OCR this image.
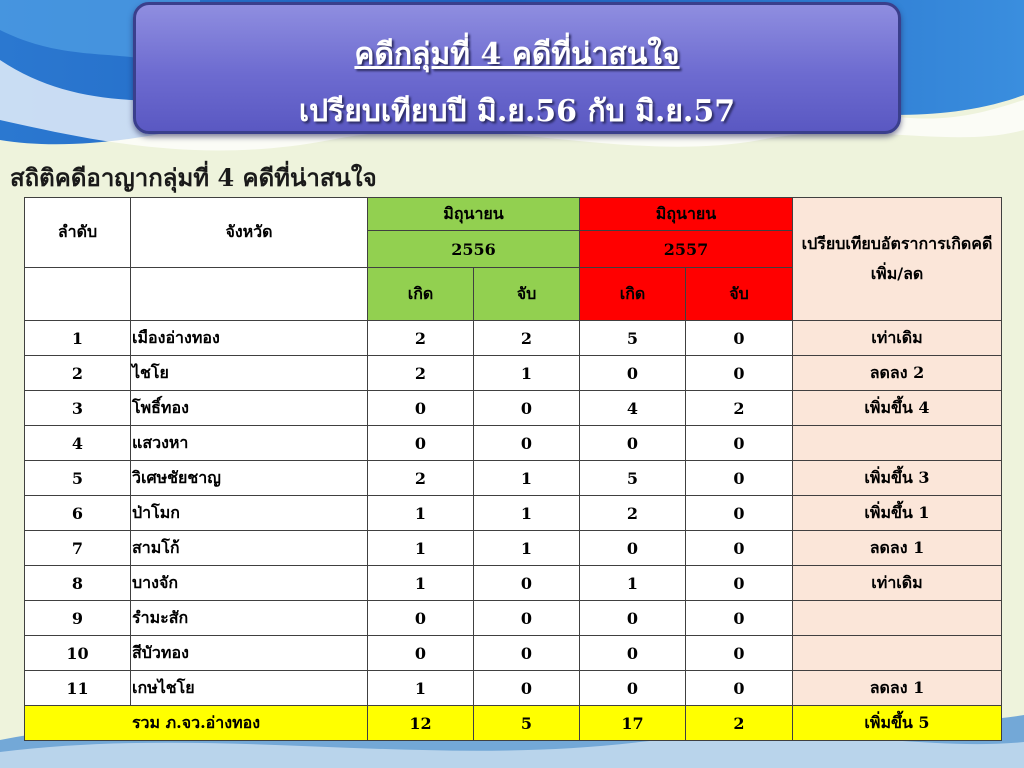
คดีกลุ่มที่ 4 คดีที่น่าสนใจ
เปรียบเทียบปี มิ.ย.56 กับ มิ.ย.57
สถิติคดีอาญากลุ่มที่ 4 คดีที่น่าสนใจ
ลำดับ	จังหวัด	มิถุนายน		มิถุนายน		เปรียบเทียบอัตราการเกิดคดี เพิ่ม/ลด
		2556		2557		
		เกิด	จับ	เกิด	จับ	
1	เมืองอ่างทอง	2	2	5	0	เท่าเดิม
2	ไชโย	2	1	0	0	ลดลง 2
3	โพธิ์ทอง	0	0	4	2	เพิ่มขึ้น 4
4	แสวงหา	0	0	0	0	
5	วิเศษชัยชาญ	2	1	5	0	เพิ่มขึ้น 3
6	ป่าโมก	1	1	2	0	เพิ่มขึ้น 1
7	สามโก้	1	1	0	0	ลดลง 1
8	บางจัก	1	0	1	0	เท่าเดิม
9	รำมะสัก	0	0	0	0	
10	สีบัวทอง	0	0	0	0	
11	เกษไชโย	1	0	0	0	ลดลง 1
รวม ภ.จว.อ่างทอง		12	5	17	2	เพิ่มขึ้น 5
